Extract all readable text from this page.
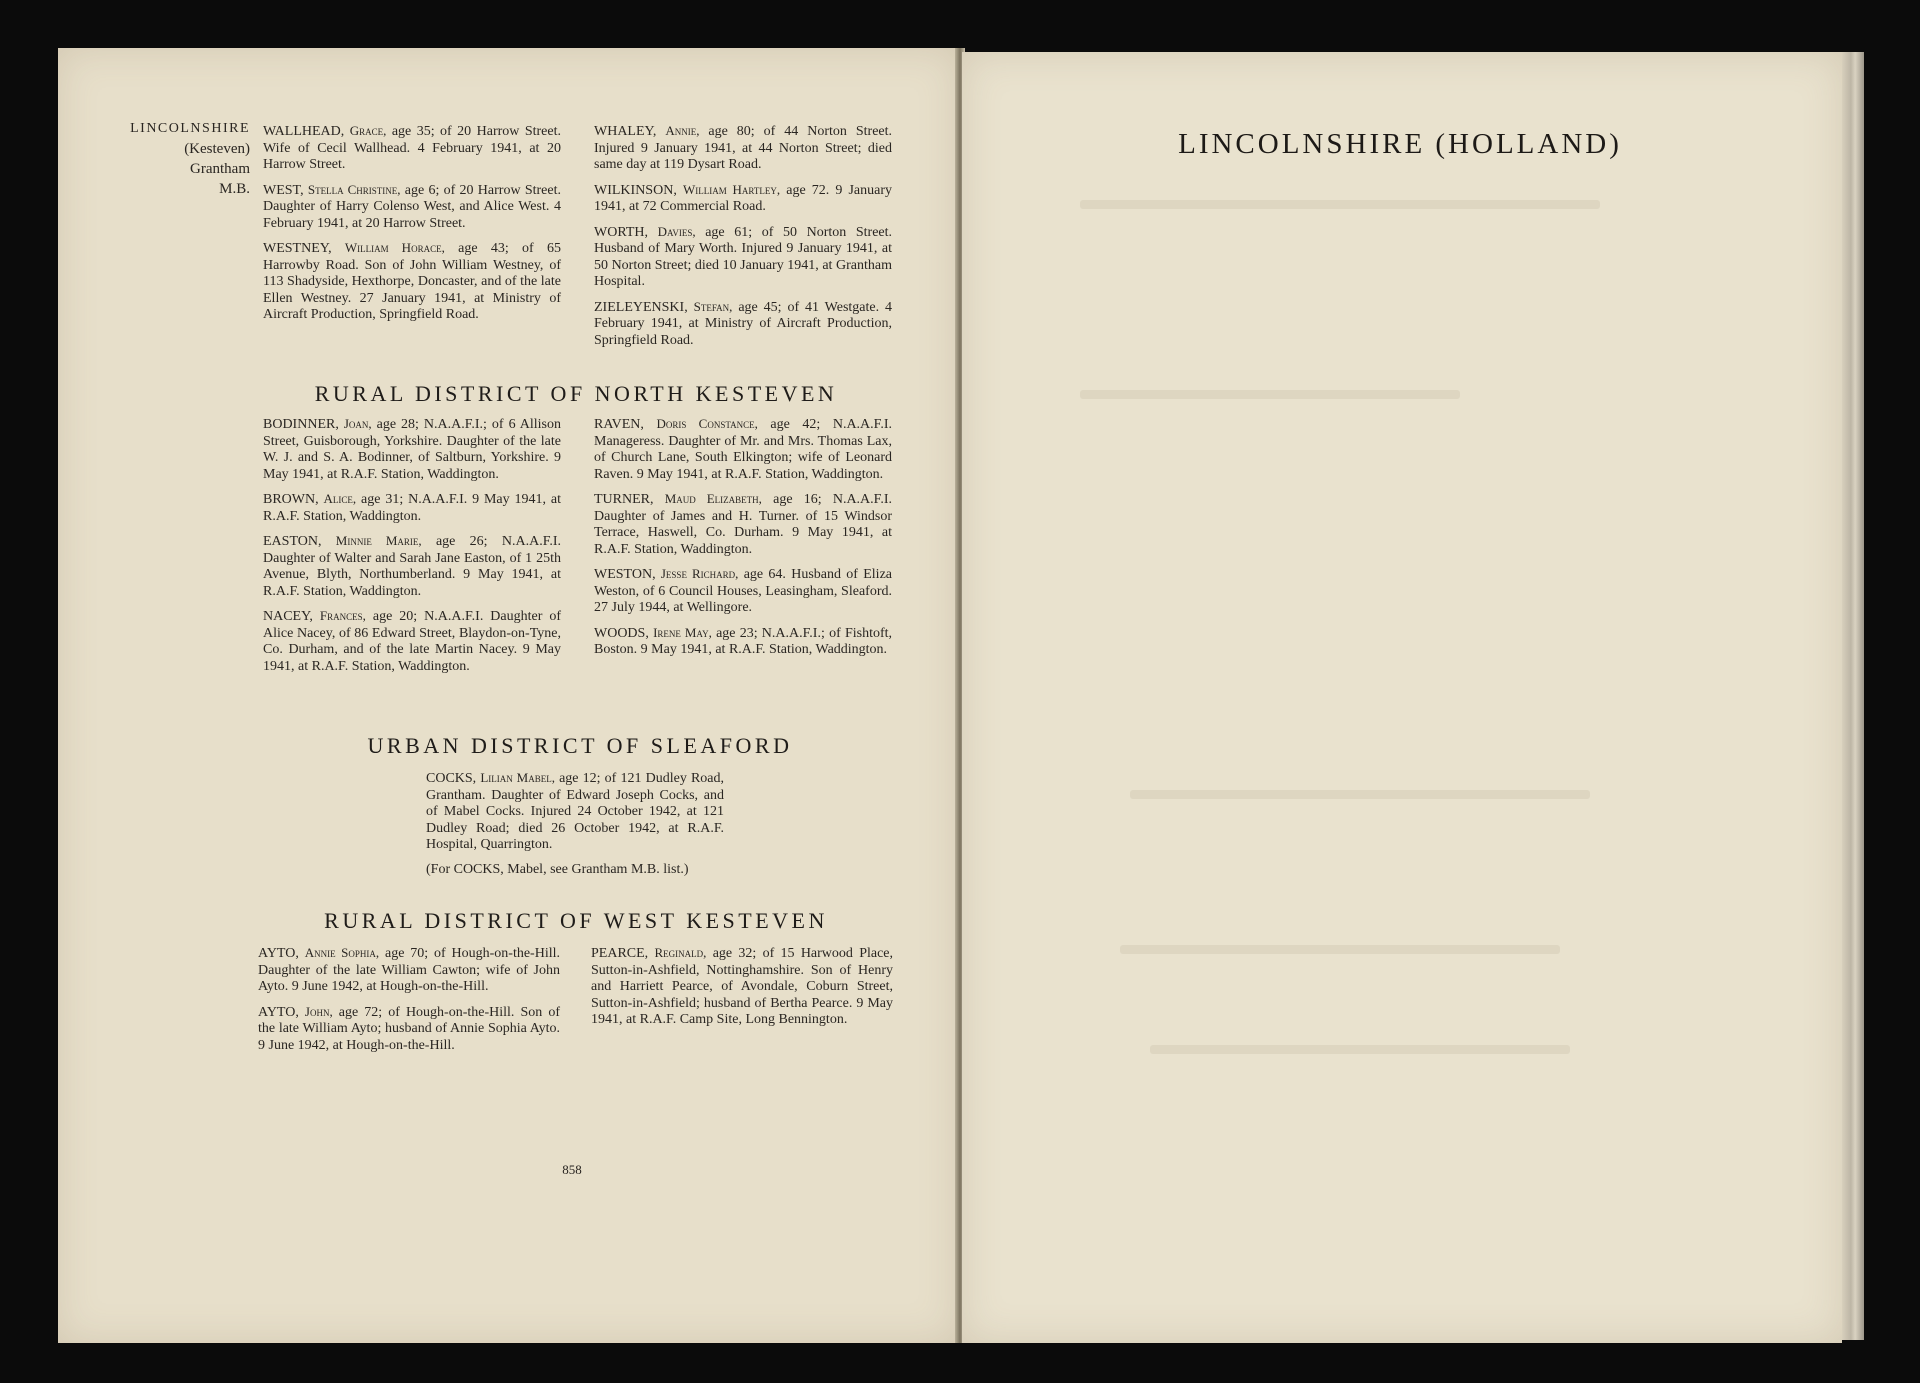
LINCOLNSHIRE
(Kesteven)
Grantham
M.B.
WALLHEAD, Grace, age 35; of 20 Harrow Street. Wife of Cecil Wallhead. 4 February 1941, at 20 Harrow Street.
WEST, Stella Christine, age 6; of 20 Harrow Street. Daughter of Harry Colenso West, and Alice West. 4 February 1941, at 20 Harrow Street.
WESTNEY, William Horace, age 43; of 65 Harrowby Road. Son of John William Westney, of 113 Shadyside, Hexthorpe, Doncaster, and of the late Ellen Westney. 27 January 1941, at Ministry of Aircraft Production, Springfield Road.
WHALEY, Annie, age 80; of 44 Norton Street. Injured 9 January 1941, at 44 Norton Street; died same day at 119 Dysart Road.
WILKINSON, William Hartley, age 72. 9 January 1941, at 72 Commercial Road.
WORTH, Davies, age 61; of 50 Norton Street. Husband of Mary Worth. Injured 9 January 1941, at 50 Norton Street; died 10 January 1941, at Grantham Hospital.
ZIELEYENSKI, Stefan, age 45; of 41 Westgate. 4 February 1941, at Ministry of Aircraft Production, Springfield Road.
RURAL DISTRICT OF NORTH KESTEVEN
BODINNER, Joan, age 28; N.A.A.F.I.; of 6 Allison Street, Guisborough, Yorkshire. Daughter of the late W. J. and S. A. Bodinner, of Saltburn, Yorkshire. 9 May 1941, at R.A.F. Station, Waddington.
BROWN, Alice, age 31; N.A.A.F.I. 9 May 1941, at R.A.F. Station, Waddington.
EASTON, Minnie Marie, age 26; N.A.A.F.I. Daughter of Walter and Sarah Jane Easton, of 1 25th Avenue, Blyth, Northumberland. 9 May 1941, at R.A.F. Station, Waddington.
NACEY, Frances, age 20; N.A.A.F.I. Daughter of Alice Nacey, of 86 Edward Street, Blaydon-on-Tyne, Co. Durham, and of the late Martin Nacey. 9 May 1941, at R.A.F. Station, Waddington.
RAVEN, Doris Constance, age 42; N.A.A.F.I. Manageress. Daughter of Mr. and Mrs. Thomas Lax, of Church Lane, South Elkington; wife of Leonard Raven. 9 May 1941, at R.A.F. Station, Waddington.
TURNER, Maud Elizabeth, age 16; N.A.A.F.I. Daughter of James and H. Turner. of 15 Windsor Terrace, Haswell, Co. Durham. 9 May 1941, at R.A.F. Station, Waddington.
WESTON, Jesse Richard, age 64. Husband of Eliza Weston, of 6 Council Houses, Leasingham, Sleaford. 27 July 1944, at Wellingore.
WOODS, Irene May, age 23; N.A.A.F.I.; of Fishtoft, Boston. 9 May 1941, at R.A.F. Station, Waddington.
URBAN DISTRICT OF SLEAFORD
COCKS, Lilian Mabel, age 12; of 121 Dudley Road, Grantham. Daughter of Edward Joseph Cocks, and of Mabel Cocks. Injured 24 October 1942, at 121 Dudley Road; died 26 October 1942, at R.A.F. Hospital, Quarrington.
(For COCKS, Mabel, see Grantham M.B. list.)
RURAL DISTRICT OF WEST KESTEVEN
AYTO, Annie Sophia, age 70; of Hough-on-the-Hill. Daughter of the late William Cawton; wife of John Ayto. 9 June 1942, at Hough-on-the-Hill.
AYTO, John, age 72; of Hough-on-the-Hill. Son of the late William Ayto; husband of Annie Sophia Ayto. 9 June 1942, at Hough-on-the-Hill.
PEARCE, Reginald, age 32; of 15 Harwood Place, Sutton-in-Ashfield, Nottinghamshire. Son of Henry and Harriett Pearce, of Avondale, Coburn Street, Sutton-in-Ashfield; husband of Bertha Pearce. 9 May 1941, at R.A.F. Camp Site, Long Bennington.
858
LINCOLNSHIRE (HOLLAND)
